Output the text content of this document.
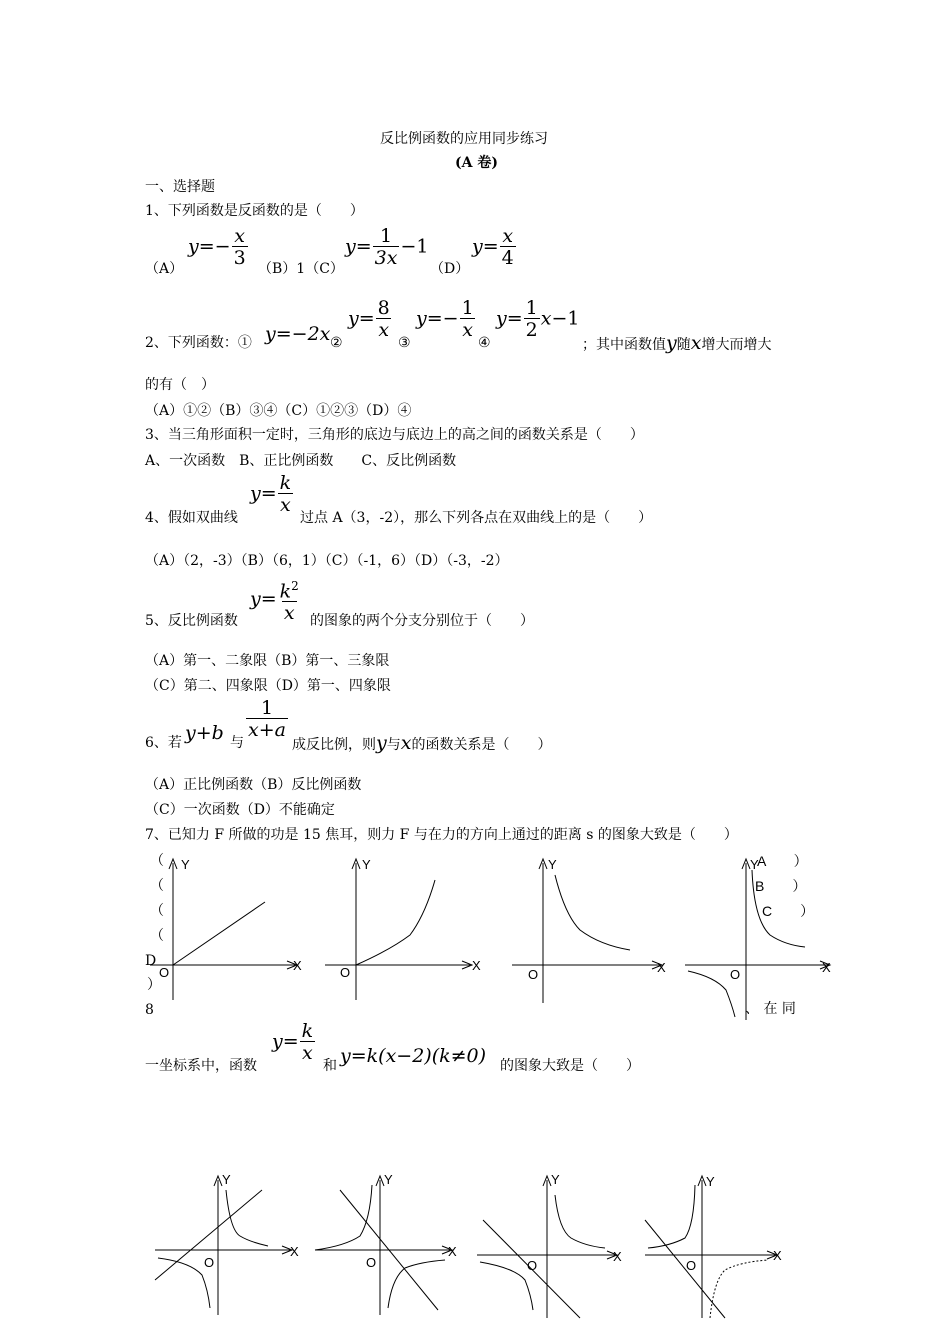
反比例函数的应用同步练习
(A 卷)
一、选择题
1、下列函数是反函数的是（　　）
（A）
$y=- \frac{x}{3} (B)1(C)$
$y= \frac{1}{3x} -1$
（D）
$y= \frac{x}{4}$
2、下列函数：① y=−2x ②
$y= \frac{8}{x}$
③
$y=- \frac{1}{x}$
④
$y= \frac{1}{2} x-1$
；其中函数值y随x增大而增大
的有（　）
（A）①②（B）③④（C）①②③（D）④
3、当三角形面积一定时，三角形的底边与底边上的高之间的函数关系是（　　）
A、一次函数　B、正比例函数　　C、反比例函数
4、假如双曲线
$y= \frac{k}{x}$
过点 A（3，-2），那么下列各点在双曲线上的是（　　）
（A）（2，-3）（B）（6，1）（C）（-1，6）（D）（-3，-2）
5、反比例函数
$y= \frac{k^2}{x}$ 的图象的两个分支分别位于（　　）
（A）第一、二象限（B）第一、三象限
（C）第二、四象限（D）第一、四象限
6、若 y+b 与
$\frac{1}{x+a}$
成反比例，则y与x的函数关系是（　　）
（A）正比例函数（B）反比例函数
（C）一次函数（D）不能确定
7、已知力 F 所做的功是 15 焦耳，则力 F 与在力的方向上通过的距离 s 的图象大致是（　　）
（
（
（
（
D
）
8
A　　）
B　　）
C　　）
、 在 同
Y
X
O
Y
X
O
Y
X
O
Y
X
O
一坐标系中，函数
$y= \frac{k}{x}$
和 y=k(x−2)(k≠0) 的图象大致是（　　）
Y
X
O
Y
X
O
Y
X
O
Y
X
O
